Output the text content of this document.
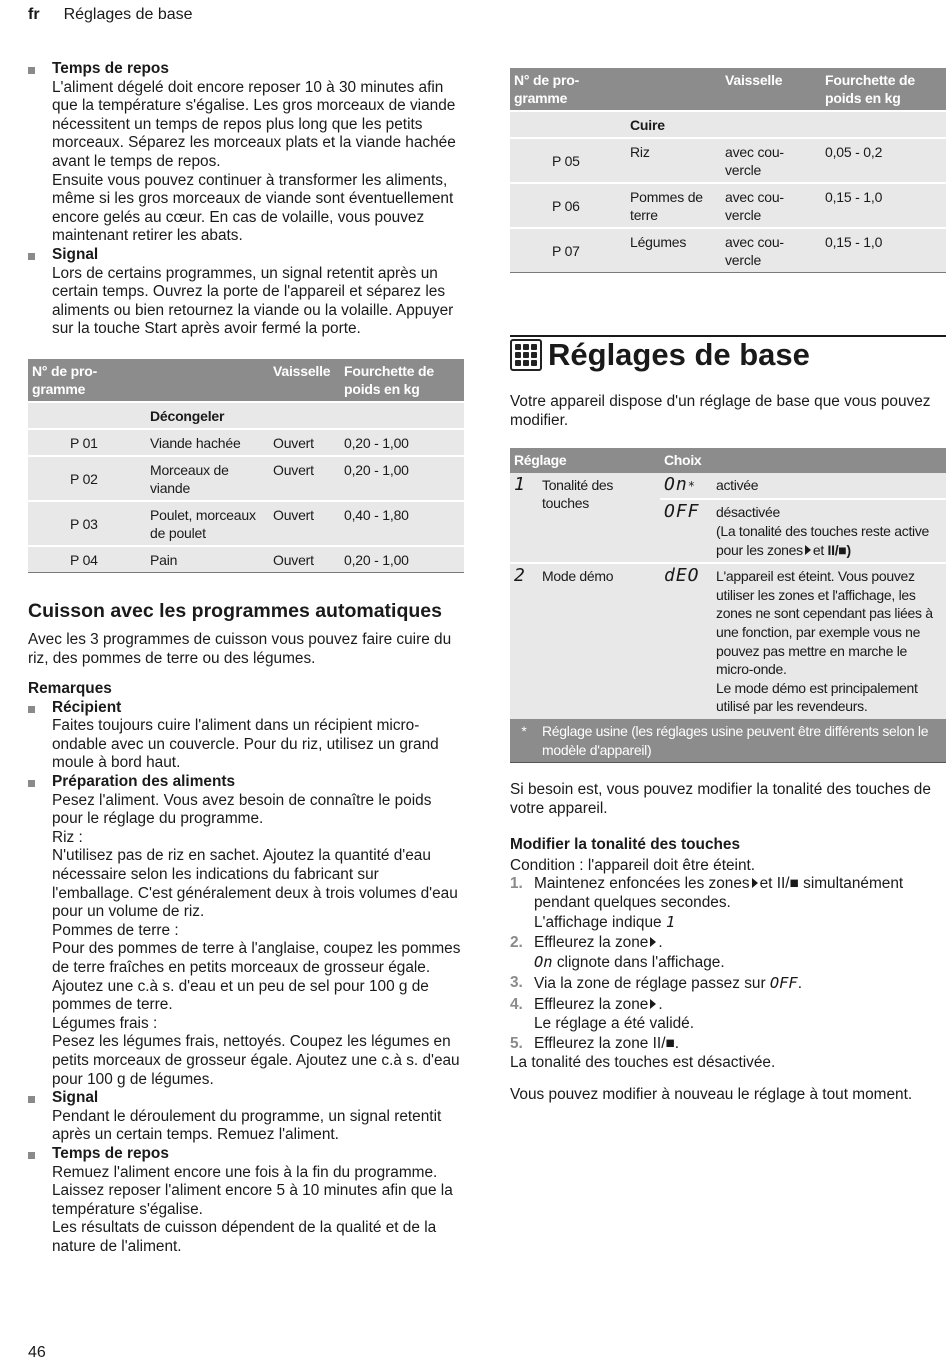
fr Réglages de base
Temps de repos

L'aliment dégelé doit encore reposer 10 à 30 minutes afin que la température s'égalise. Les gros morceaux de viande nécessitent un temps de repos plus long que les petits morceaux. Séparez les morceaux plats et la viande hachée avant le temps de repos.

Ensuite vous pouvez continuer à transformer les aliments, même si les gros morceaux de viande sont éventuellement encore gelés au cœur. En cas de volaille, vous pouvez maintenant retirer les abats.

Signal

Lors de certains programmes, un signal retentit après un certain temps. Ouvrez la porte de l'appareil et séparez les aliments ou bien retournez la viande ou la volaille. Appuyer sur la touche Start après avoir fermé la porte.

N° de pro-
gramme		Vaisselle	Fourchette de
poids en kg
	Décongeler		
P 01	Viande hachée	Ouvert	0,20 - 1,00
P 02	Morceaux de viande	Ouvert	0,20 - 1,00
P 03	Poulet, morceaux de poulet	Ouvert	0,40 - 1,80
P 04	Pain	Ouvert	0,20 - 1,00
Cuisson avec les programmes automatiques

Avec les 3 programmes de cuisson vous pouvez faire cuire du riz, des pommes de terre ou des légumes.

Remarques

Récipient

Faites toujours cuire l'aliment dans un récipient micro-ondable avec un couvercle. Pour du riz, utilisez un grand moule à bord haut.

Préparation des aliments

Pesez l'aliment. Vous avez besoin de connaître le poids pour le réglage du programme.

Riz :

N'utilisez pas de riz en sachet. Ajoutez la quantité d'eau nécessaire selon les indications du fabricant sur l'emballage. C'est généralement deux à trois volumes d'eau pour un volume de riz.

Pommes de terre :

Pour des pommes de terre à l'anglaise, coupez les pommes de terre fraîches en petits morceaux de grosseur égale. Ajoutez une c.à s. d'eau et un peu de sel pour 100 g de pommes de terre.

Légumes frais :

Pesez les légumes frais, nettoyés. Coupez les légumes en petits morceaux de grosseur égale. Ajoutez une c.à s. d'eau pour 100 g de légumes.

Signal

Pendant le déroulement du programme, un signal retentit après un certain temps. Remuez l'aliment.

Temps de repos

Remuez l'aliment encore une fois à la fin du programme. Laissez reposer l'aliment encore 5 à 10 minutes afin que la température s'égalise.

Les résultats de cuisson dépendent de la qualité et de la nature de l'aliment.

N° de pro-
gramme		Vaisselle	Fourchette de
poids en kg
	Cuire		
P 05	Riz	avec cou-
vercle	0,05 - 0,2
P 06	Pommes de
terre	avec cou-
vercle	0,15 - 1,0
P 07	Légumes	avec cou-
vercle	0,15 - 1,0
Réglages de base

Votre appareil dispose d'un réglage de base que vous pouvez modifier.

Réglage		Choix	
1	Tonalité des touches	On*	activée
		OFF	désactivée
(La tonalité des touches reste active pour les zones et II/■)

2	Mode démo	dEO	L'appareil est éteint. Vous pouvez utiliser les zones et l'affichage, les zones ne sont cependant pas liées à une fonction, par exemple vous ne pouvez pas mettre en marche le micro-onde.
Le mode démo est principalement utilisé par les revendeurs.

*	Réglage usine (les réglages usine peuvent être différents selon le modèle d'appareil)		

Si besoin est, vous pouvez modifier la tonalité des touches de votre appareil.

Modifier la tonalité des touches

Condition : l'appareil doit être éteint.

1. Maintenez enfoncées les zones et II/■ simultanément pendant quelques secondes.
L'affichage indique 1
2. Effleurez la zone .
On clignote dans l'affichage.
3. Via la zone de réglage passez sur OFF.
4. Effleurez la zone .
Le réglage a été validé.
5. Effleurez la zone II/■.

La tonalité des touches est désactivée.

Vous pouvez modifier à nouveau le réglage à tout moment.

46
